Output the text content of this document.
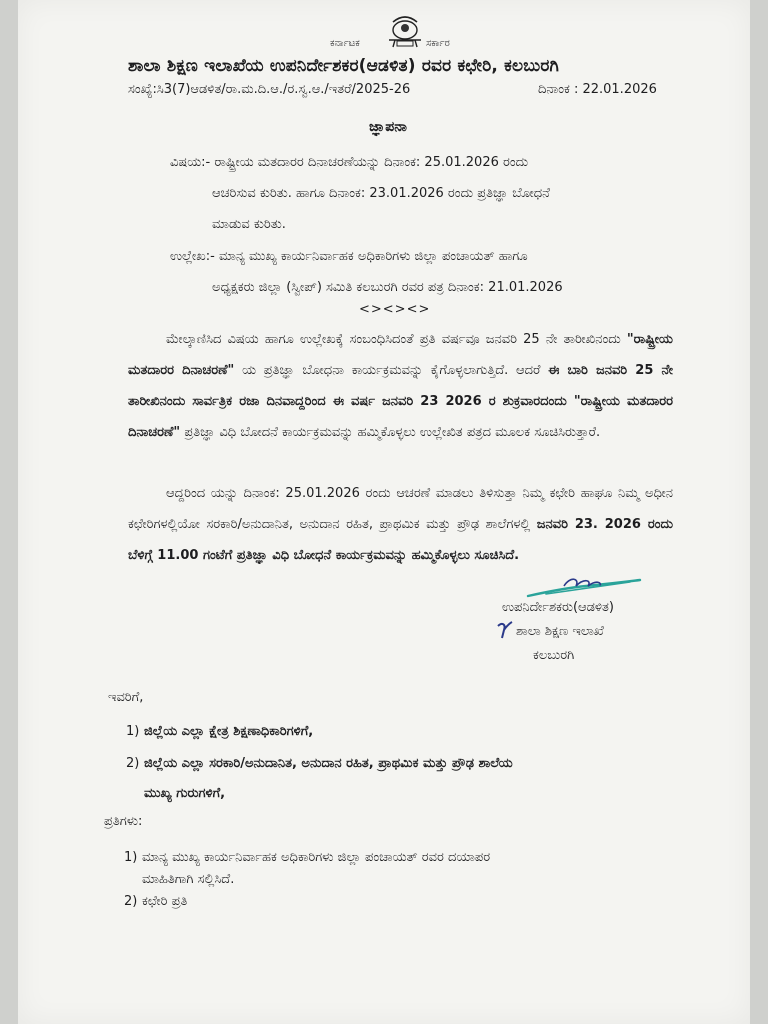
ಕರ್ನಾಟಕ	ಸರ್ಕಾರ
ಶಾಲಾ ಶಿಕ್ಷಣ ಇಲಾಖೆಯ ಉಪನಿರ್ದೇಶಕರ(ಆಡಳಿತ) ರವರ ಕಛೇರಿ, ಕಲಬುರಗಿ
ಸಂಖ್ಯೆ:ಸಿ3(7)ಆಡಳಿತ/ರಾ.ಮ.ದಿ.ಆ./ರ.ಸ್ವ.ಆ./ಇತರೆ/2025-26	ದಿನಾಂಕ : 22.01.2026
ಜ್ಞಾಪನಾ
ವಿಷಯ:- ರಾಷ್ಟ್ರೀಯ ಮತದಾರರ ದಿನಾಚರಣೆಯನ್ನು ದಿನಾಂಕ: 25.01.2026 ರಂದು
ಆಚರಿಸುವ ಕುರಿತು. ಹಾಗೂ ದಿನಾಂಕ: 23.01.2026 ರಂದು ಪ್ರತಿಜ್ಞಾ ಬೋಧನೆ
ಮಾಡುವ ಕುರಿತು.
ಉಲ್ಲೇಖ:- ಮಾನ್ಯ ಮುಖ್ಯ ಕಾರ್ಯನಿರ್ವಾಹಕ ಅಧಿಕಾರಿಗಳು ಜಿಲ್ಲಾ ಪಂಚಾಯತ್ ಹಾಗೂ
ಅಧ್ಯಕ್ಷಕರು ಜಿಲ್ಲಾ (ಸ್ವೀಪ್) ಸಮಿತಿ ಕಲಬುರಗಿ ರವರ ಪತ್ರ ದಿನಾಂಕ: 21.01.2026
<><><>

ಮೇಲ್ಕಾಣಿಸಿದ ವಿಷಯ ಹಾಗೂ ಉಲ್ಲೇಖಕ್ಕೆ ಸಂಬಂಧಿಸಿದಂತೆ ಪ್ರತಿ ವರ್ಷವೂ ಜನವರಿ 25 ನೇ ತಾರೀಖಿನಂದು "ರಾಷ್ಟ್ರೀಯ ಮತದಾರರ ದಿನಾಚರಣೆ" ಯ ಪ್ರತಿಜ್ಞಾ ಬೋಧನಾ ಕಾರ್ಯಕ್ರಮವನ್ನು ಕೈಗೊಳ್ಳಲಾಗುತ್ತಿದೆ. ಆದರೆ ಈ ಬಾರಿ ಜನವರಿ 25 ನೇ ತಾರೀಖಿನಂದು ಸಾರ್ವತ್ರಿಕ ರಜಾ ದಿನವಾದ್ದರಿಂದ ಈ ವರ್ಷ ಜನವರಿ 23 2026 ರ ಶುಕ್ರವಾರದಂದು "ರಾಷ್ಟ್ರೀಯ ಮತದಾರರ ದಿನಾಚರಣೆ" ಪ್ರತಿಜ್ಞಾ ವಿಧಿ ಬೋದನೆ ಕಾರ್ಯಕ್ರಮವನ್ನು ಹಮ್ಮಿಕೊಳ್ಳಲು ಉಲ್ಲೇಖಿತ ಪತ್ರದ ಮೂಲಕ ಸೂಚಿಸಿರುತ್ತಾರೆ.

ಆದ್ದರಿಂದ ಯನ್ನು ದಿನಾಂಕ: 25.01.2026 ರಂದು ಆಚರಣೆ ಮಾಡಲು ತಿಳಿಸುತ್ತಾ ನಿಮ್ಮ ಕಛೇರಿ ಹಾಘೂ ನಿಮ್ಮ ಅಧೀನ ಕಛೇರಿಗಳಲ್ಲಿಯೋ ಸರಕಾರಿ/ಅನುದಾನಿತ, ಅನುದಾನ ರಹಿತ, ಪ್ರಾಥಮಿಕ ಮತ್ತು ಪ್ರೌಢ ಶಾಲೆಗಳಲ್ಲಿ ಜನವರಿ 23. 2026 ರಂದು ಬೆಳಿಗ್ಗೆ 11.00 ಗಂಟೆಗೆ ಪ್ರತಿಜ್ಞಾ ವಿಧಿ ಬೋಧನೆ ಕಾರ್ಯಕ್ರಮವನ್ನು ಹಮ್ಮಿಕೊಳ್ಳಲು ಸೂಚಿಸಿದೆ.

ಉಪನಿರ್ದೇಶಕರು(ಆಡಳಿತ)
ಶಾಲಾ ಶಿಕ್ಷಣ ಇಲಾಖೆ
ಕಲಬುರಗಿ
ಇವರಿಗೆ,
1) ಜಿಲ್ಲೆಯ ಎಲ್ಲಾ ಕ್ಷೇತ್ರ ಶಿಕ್ಷಣಾಧಿಕಾರಿಗಳಿಗೆ,
2) ಜಿಲ್ಲೆಯ ಎಲ್ಲಾ ಸರಕಾರಿ/ಅನುದಾನಿತ, ಅನುದಾನ ರಹಿತ, ಪ್ರಾಥಮಿಕ ಮತ್ತು ಪ್ರೌಢ ಶಾಲೆಯ
ಮುಖ್ಯ ಗುರುಗಳಿಗೆ,
ಪ್ರತಿಗಳು:
1) ಮಾನ್ಯ ಮುಖ್ಯ ಕಾರ್ಯನಿರ್ವಾಹಕ ಅಧಿಕಾರಿಗಳು ಜಿಲ್ಲಾ ಪಂಚಾಯತ್ ರವರ ದಯಾಪರ
ಮಾಹಿತಿಗಾಗಿ ಸಲ್ಲಿಸಿದೆ.
2) ಕಛೇರಿ ಪ್ರತಿ
